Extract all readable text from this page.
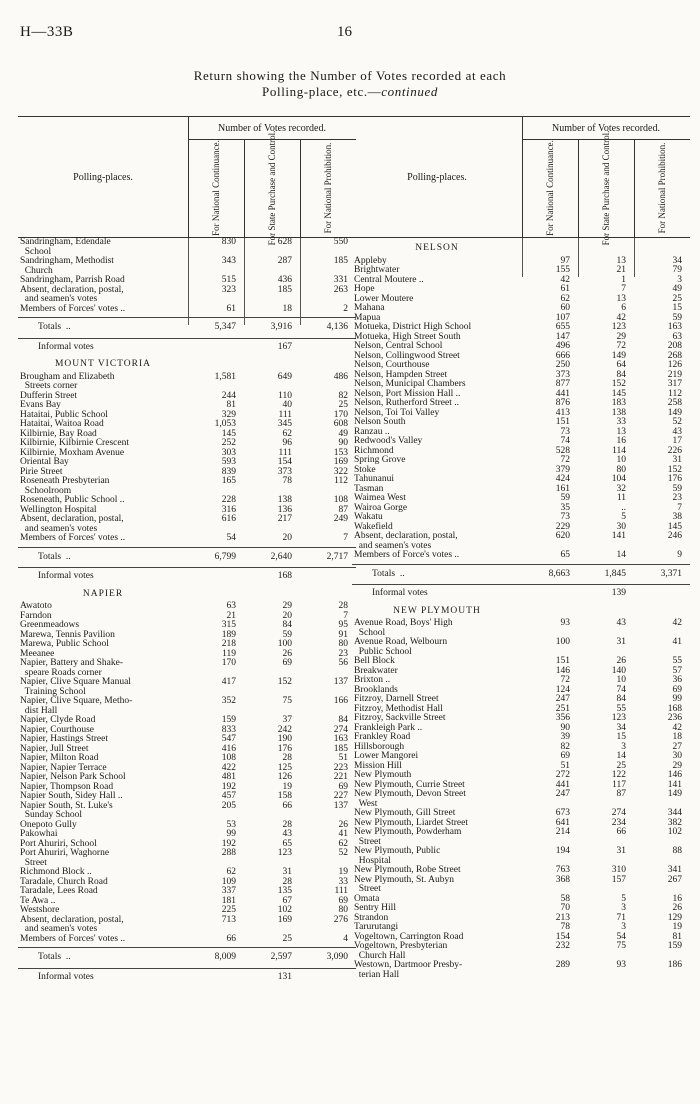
H—33B	16
Return showing the Number of Votes recorded at each
Polling-place, etc.—continued
Polling-places.
Number of Votes recorded.
For National Continuance.	For State Purchase and Control.	For National Prohibition.
Sandringham, Edendale	830	628	550
School
Sandringham, Methodist	343	287	185
Church
Sandringham, Parrish Road	515	436	331
Absent, declaration, postal,	323	185	263
and seamen's votes
Members of Forces' votes ..	61	18	2
Totals  ..	5,347	3,916	4,136
Informal votes	167
MOUNT VICTORIA
Brougham and Elizabeth	1,581	649	486
Streets corner
Dufferin Street	244	110	82
Evans Bay	81	40	25
Hataitai, Public School	329	111	170
Hataitai, Waitoa Road	1,053	345	608
Kilbirnie, Bay Road	145	62	49
Kilbirnie, Kilbirnie Crescent	252	96	90
Kilbirnie, Moxham Avenue	303	111	153
Oriental Bay	593	154	169
Pirie Street	839	373	322
Roseneath Presbyterian	165	78	112
Schoolroom
Roseneath, Public School ..	228	138	108
Wellington Hospital	316	136	87
Absent, declaration, postal,	616	217	249
and seamen's votes
Members of Forces' votes ..	54	20	7
Totals  ..	6,799	2,640	2,717
Informal votes	168
NAPIER
Awatoto	63	29	28
Farndon	21	20	7
Greenmeadows	315	84	95
Marewa, Tennis Pavilion	189	59	91
Marewa, Public School	218	100	80
Meeanee	119	26	23
Napier, Battery and Shake-	170	69	56
speare Roads corner
Napier, Clive Square Manual	417	152	137
Training School
Napier, Clive Square, Metho-	352	75	166
dist Hall
Napier, Clyde Road	159	37	84
Napier, Courthouse	833	242	274
Napier, Hastings Street	547	190	163
Napier, Jull Street	416	176	185
Napier, Milton Road	108	28	51
Napier, Napier Terrace	422	125	223
Napier, Nelson Park School	481	126	221
Napier, Thompson Road	192	19	69
Napier South, Sidey Hall ..	457	158	227
Napier South, St. Luke's	205	66	137
Sunday School
Onepoto Gully	53	28	26
Pakowhai	99	43	41
Port Ahuriri, School	192	65	62
Port Ahuriri, Waghorne	288	123	52
Street
Richmond Block ..	62	31	19
Taradale, Church Road	109	28	33
Taradale, Lees Road	337	135	111
Te Awa ..	181	67	69
Westshore	225	102	80
Absent, declaration, postal,	713	169	276
and seamen's votes
Members of Forces' votes ..	66	25	4
Totals  ..	8,009	2,597	3,090
Informal votes	131
Polling-places.
Number of Votes recorded.
For National Continuance.	For State Purchase and Control.	For National Prohibition.
NELSON
Appleby	97	13	34
Brightwater	155	21	79
Central Moutere ..	42	1	3
Hope	61	7	49
Lower Moutere	62	13	25
Mahana	60	6	15
Mapua	107	42	59
Motueka, District High School	655	123	163
Motueka, High Street South	147	29	63
Nelson, Central School	496	72	208
Nelson, Collingwood Street	666	149	268
Nelson, Courthouse	250	64	126
Nelson, Hampden Street	373	84	219
Nelson, Municipal Chambers	877	152	317
Nelson, Port Mission Hall ..	441	145	112
Nelson, Rutherford Street ..	876	183	258
Nelson, Toi Toi Valley	413	138	149
Nelson South	151	33	52
Ranzau ..	73	13	43
Redwood's Valley	74	16	17
Richmond	528	114	226
Spring Grove	72	10	31
Stoke	379	80	152
Tahunanui	424	104	176
Tasman	161	32	59
Waimea West	59	11	23
Wairoa Gorge	35	..	7
Wakatu	73	5	38
Wakefield	229	30	145
Absent, declaration, postal,	620	141	246
and seamen's votes
Members of Force's votes ..	65	14	9
Totals  ..	8,663	1,845	3,371
Informal votes	139
NEW PLYMOUTH
Avenue Road, Boys' High	93	43	42
School
Avenue Road, Welbourn	100	31	41
Public School
Bell Block	151	26	55
Breakwater	146	140	57
Brixton ..	72	10	36
Brooklands	124	74	69
Fitzroy, Darnell Street	247	84	99
Fitzroy, Methodist Hall	251	55	168
Fitzroy, Sackville Street	356	123	236
Frankleigh Park ..	90	34	42
Frankley Road	39	15	18
Hillsborough	82	3	27
Lower Mangorei	69	14	30
Mission Hill	51	25	29
New Plymouth	272	122	146
New Plymouth, Currie Street	441	117	141
New Plymouth, Devon Street	247	87	149
West
New Plymouth, Gill Street	673	274	344
New Plymouth, Liardet Street	641	234	382
New Plymouth, Powderham	214	66	102
Street
New Plymouth, Public	194	31	88
Hospital
New Plymouth, Robe Street	763	310	341
New Plymouth, St. Aubyn	368	157	267
Street
Omata	58	5	16
Sentry Hill	70	3	26
Strandon	213	71	129
Tarurutangi	78	3	19
Vogeltown, Carrington Road	154	54	81
Vogeltown, Presbyterian	232	75	159
Church Hall
Westown, Dartmoor Presby-	289	93	186
terian Hall
